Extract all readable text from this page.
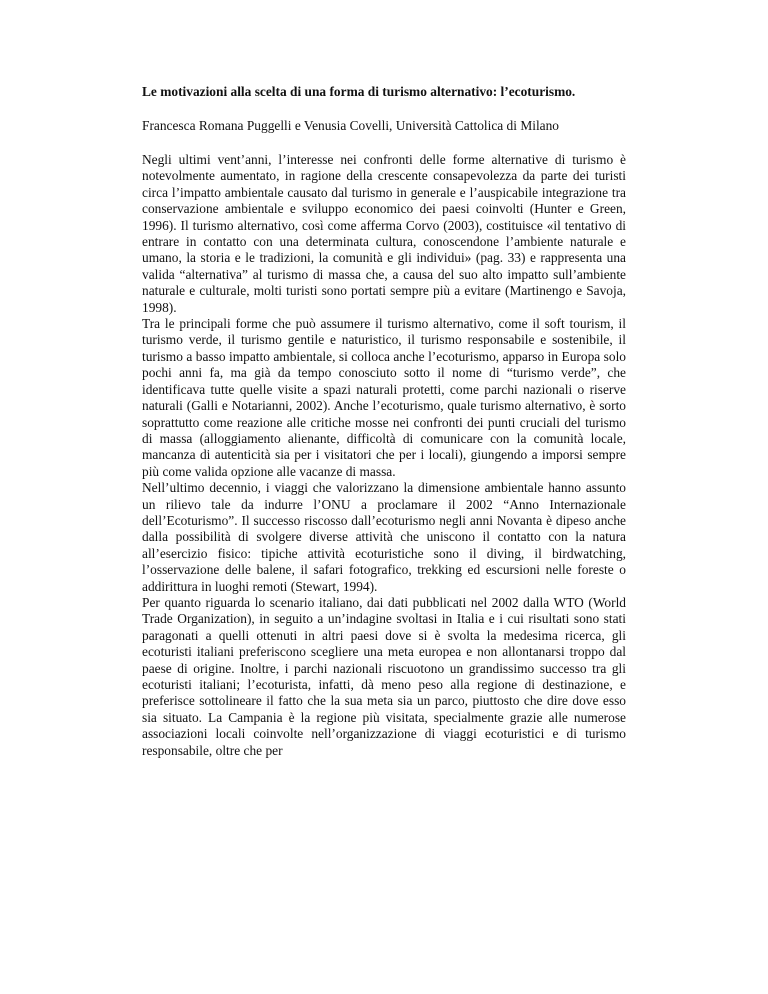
Le motivazioni alla scelta di una forma di turismo alternativo: l’ecoturismo.
Francesca Romana Puggelli e Venusia Covelli, Università Cattolica di Milano

Negli ultimi vent’anni, l’interesse nei confronti delle forme alternative di turismo è notevolmente aumentato, in ragione della crescente consapevolezza da parte dei turisti circa l’impatto ambientale causato dal turismo in generale e l’auspicabile integrazione tra conservazione ambientale e sviluppo economico dei paesi coinvolti (Hunter e Green, 1996). Il turismo alternativo, così come afferma Corvo (2003), costituisce «il tentativo di entrare in contatto con una determinata cultura, conoscendone l’ambiente naturale e umano, la storia e le tradizioni, la comunità e gli individui» (pag. 33) e rappresenta una valida “alternativa” al turismo di massa che, a causa del suo alto impatto sull’ambiente naturale e culturale, molti turisti sono portati sempre più a evitare (Martinengo e Savoja, 1998).

Tra le principali forme che può assumere il turismo alternativo, come il soft tourism, il turismo verde, il turismo gentile e naturistico, il turismo responsabile e sostenibile, il turismo a basso impatto ambientale, si colloca anche l’ecoturismo, apparso in Europa solo pochi anni fa, ma già da tempo conosciuto sotto il nome di “turismo verde”, che identificava tutte quelle visite a spazi naturali protetti, come parchi nazionali o riserve naturali (Galli e Notarianni, 2002). Anche l’ecoturismo, quale turismo alternativo, è sorto soprattutto come reazione alle critiche mosse nei confronti dei punti cruciali del turismo di massa (alloggiamento alienante, difficoltà di comunicare con la comunità locale, mancanza di autenticità sia per i visitatori che per i locali), giungendo a imporsi sempre più come valida opzione alle vacanze di massa.

Nell’ultimo decennio, i viaggi che valorizzano la dimensione ambientale hanno assunto un rilievo tale da indurre l’ONU a proclamare il 2002 “Anno Internazionale dell’Ecoturismo”. Il successo riscosso dall’ecoturismo negli anni Novanta è dipeso anche dalla possibilità di svolgere diverse attività che uniscono il contatto con la natura all’esercizio fisico: tipiche attività ecoturistiche sono il diving, il birdwatching, l’osservazione delle balene, il safari fotografico, trekking ed escursioni nelle foreste o addirittura in luoghi remoti (Stewart, 1994).

Per quanto riguarda lo scenario italiano, dai dati pubblicati nel 2002 dalla WTO (World Trade Organization), in seguito a un’indagine svoltasi in Italia e i cui risultati sono stati paragonati a quelli ottenuti in altri paesi dove si è svolta la medesima ricerca, gli ecoturisti italiani preferiscono scegliere una meta europea e non allontanarsi troppo dal paese di origine. Inoltre, i parchi nazionali riscuotono un grandissimo successo tra gli ecoturisti italiani; l’ecoturista, infatti, dà meno peso alla regione di destinazione, e preferisce sottolineare il fatto che la sua meta sia un parco, piuttosto che dire dove esso sia situato. La Campania è la regione più visitata, specialmente grazie alle numerose associazioni locali coinvolte nell’organizzazione di viaggi ecoturistici e di turismo responsabile, oltre che per
